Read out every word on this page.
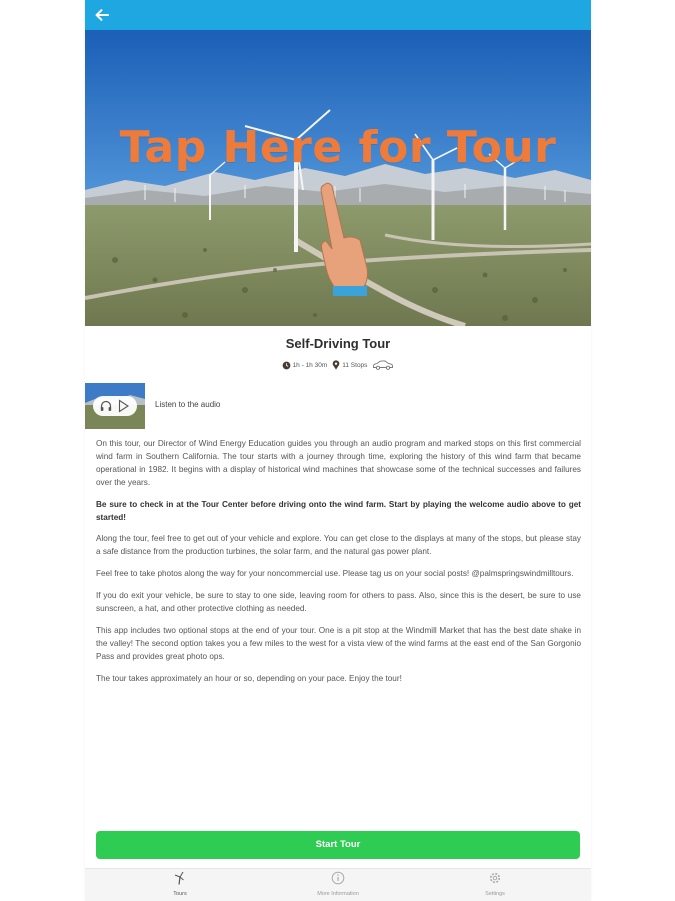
Tap Here for Tour
Self-Driving Tour
1h - 1h 30m 11 Stops
Listen to the audio

On this tour, our Director of Wind Energy Education guides you through an audio program and marked stops on this first commercial wind farm in Southern California. The tour starts with a journey through time, exploring the history of this wind farm that became operational in 1982. It begins with a display of historical wind machines that showcase some of the technical successes and failures over the years.

Be sure to check in at the Tour Center before driving onto the wind farm. Start by playing the welcome audio above to get started!

Along the tour, feel free to get out of your vehicle and explore. You can get close to the displays at many of the stops, but please stay a safe distance from the production turbines, the solar farm, and the natural gas power plant.

Feel free to take photos along the way for your noncommercial use. Please tag us on your social posts! @palmspringswindmilltours.

If you do exit your vehicle, be sure to stay to one side, leaving room for others to pass. Also, since this is the desert, be sure to use sunscreen, a hat, and other protective clothing as needed.

This app includes two optional stops at the end of your tour. One is a pit stop at the Windmill Market that has the best date shake in the valley! The second option takes you a few miles to the west for a vista view of the wind farms at the east end of the San Gorgonio Pass and provides great photo ops.

The tour takes approximately an hour or so, depending on your pace. Enjoy the tour!

Start Tour
Tours	More Information	Settings
